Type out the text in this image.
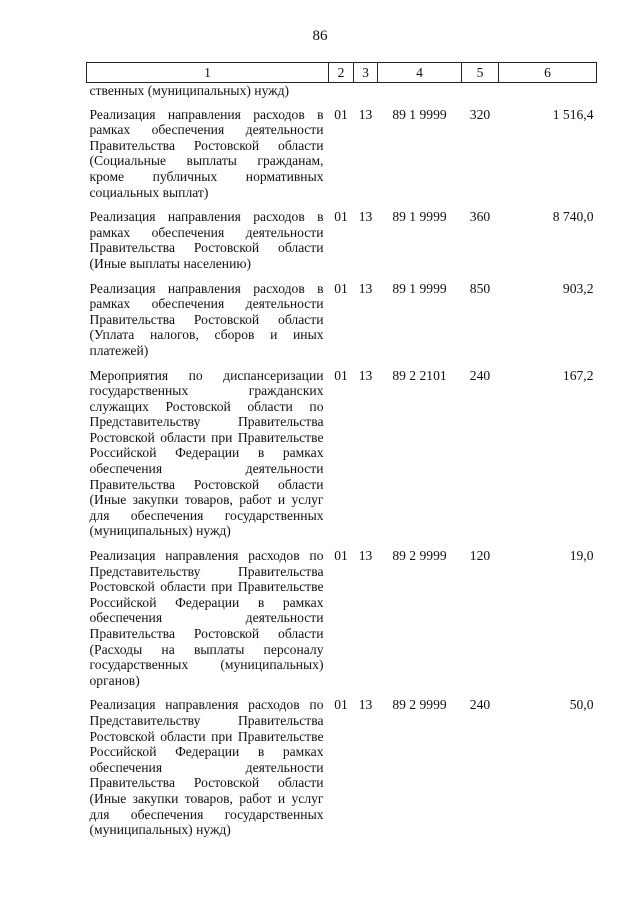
86
1	2	3	4	5	6
ственных (муниципальных) нужд)					
Реализация направления расходов в рамках обеспечения деятельности Правительства Ростовской области (Социальные выплаты гражданам, кроме публичных нормативных социальных выплат)	01	13	89 1 9999	320	1 516,4
Реализация направления расходов в рамках обеспечения деятельности Правительства Ростовской области (Иные выплаты населению)	01	13	89 1 9999	360	8 740,0
Реализация направления расходов в рамках обеспечения деятельности Правительства Ростовской области (Уплата налогов, сборов и иных платежей)	01	13	89 1 9999	850	903,2
Мероприятия по диспансеризации государственных гражданских служащих Ростовской области по Представительству Правительства Ростовской области при Правительстве Российской Федерации в рамках обеспечения деятельности Правительства Ростовской области (Иные закупки товаров, работ и услуг для обеспечения государственных (муниципальных) нужд)	01	13	89 2 2101	240	167,2
Реализация направления расходов по Представительству Правительства Ростовской области при Правительстве Российской Федерации в рамках обеспечения деятельности Правительства Ростовской области (Расходы на выплаты персоналу государственных (муниципальных) органов)	01	13	89 2 9999	120	19,0
Реализация направления расходов по Представительству Правительства Ростовской области при Правительстве Российской Федерации в рамках обеспечения деятельности Правительства Ростовской области (Иные закупки товаров, работ и услуг для обеспечения государственных (муниципальных) нужд)	01	13	89 2 9999	240	50,0
